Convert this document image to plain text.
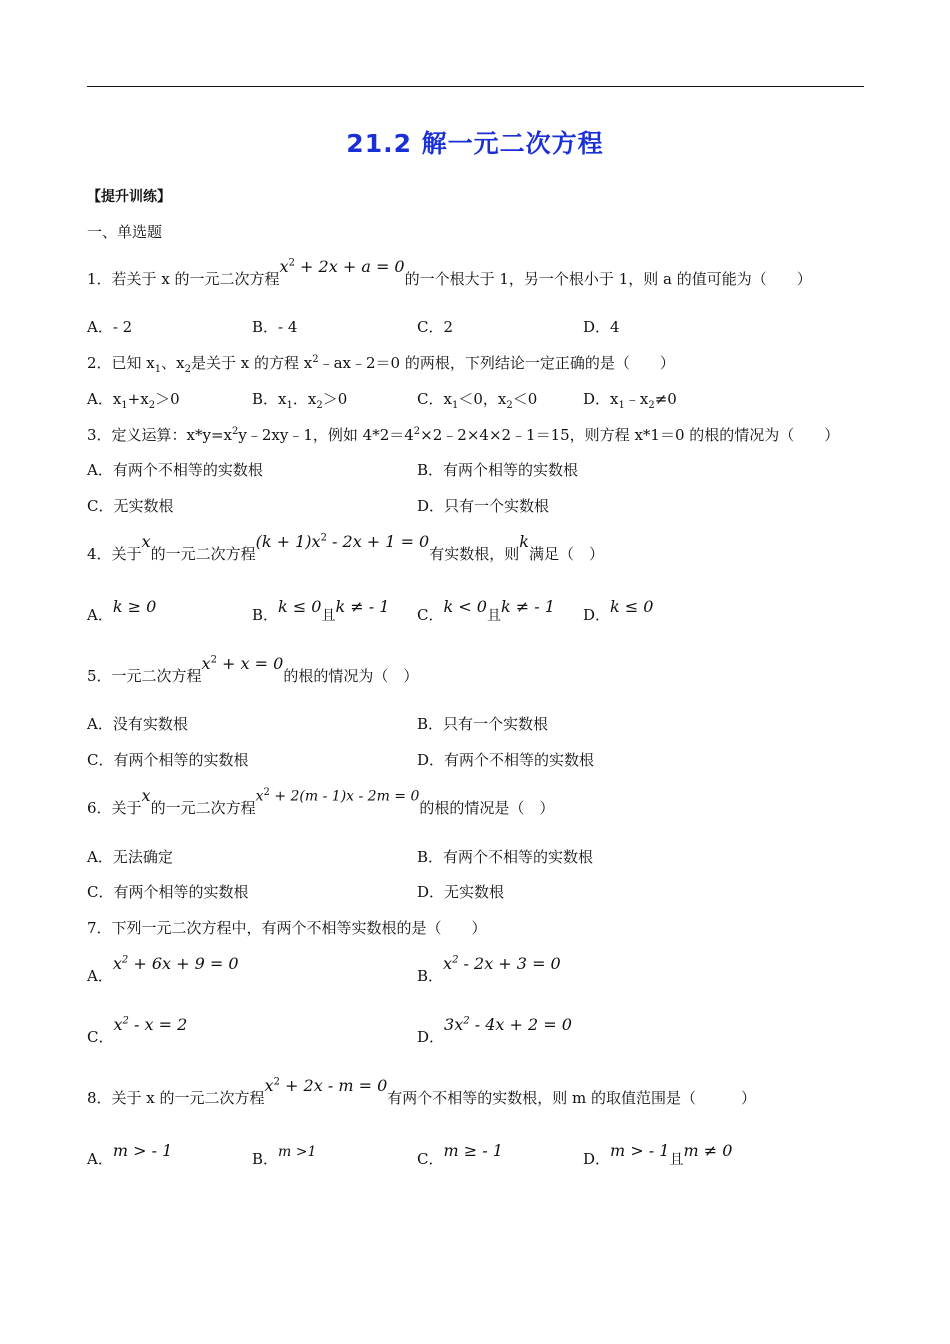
21.2 解一元二次方程
【提升训练】
一、单选题
1．若关于 x 的一元二次方程$x^2 + 2x + a = 0$的一个根大于 1，另一个根小于 1，则 a 的值可能为（　　）
A．- 2	B．- 4	C．2	D．4
2．已知 $x_1$、$x_2$是关于 x 的方程 $x^2﹣ax﹣2=0$ 的两根，下列结论一定正确的是（　　）
A．$x_1+x_2>0$	B．$x_1$．$x_2>0$	C．$x_1<0$，$x_2<0$	D．$x_1﹣x_2\ne 0$
3．定义运算：$x*y=x^2y﹣2xy﹣1$，例如 $4*2=4^2\times 2﹣2\times 4\times 2﹣1=15$，则方程 x*1＝0 的根的情况为（　　）
A．有两个不相等的实数根	B．有两个相等的实数根
C．无实数根	D．只有一个实数根
4．关于x的一元二次方程$(k + 1)x^2 - 2x + 1 = 0$有实数根，则k满足（　）
A．k ≥ 0	B．k ≤ 0且k ≠ - 1 C．k < 0且k ≠ - 1 D．k ≤ 0
5．一元二次方程$x^2 + x = 0$的根的情况为（　）
A．没有实数根	B．只有一个实数根
C．有两个相等的实数根	D．有两个不相等的实数根
6．关于x的一元二次方程$x^2 + 2(m - 1)x - 2m = 0$的根的情况是（　）
A．无法确定	B．有两个不相等的实数根
C．有两个相等的实数根	D．无实数根
7．下列一元二次方程中，有两个不相等实数根的是（　　）
A．$x^2 + 6x + 9 = 0$
B．$x^2 - 2x + 3 = 0$
C．$x^2 - x = 2$
D．$3x^2 - 4x + 2 = 0$
8．关于 x 的一元二次方程$x^2 + 2x - m = 0$有两个不相等的实数根，则 m 的取值范围是（　　　）
A．m > - 1	B．m >1	C．m ≥ - 1	D．m > - 1且m ≠ 0
